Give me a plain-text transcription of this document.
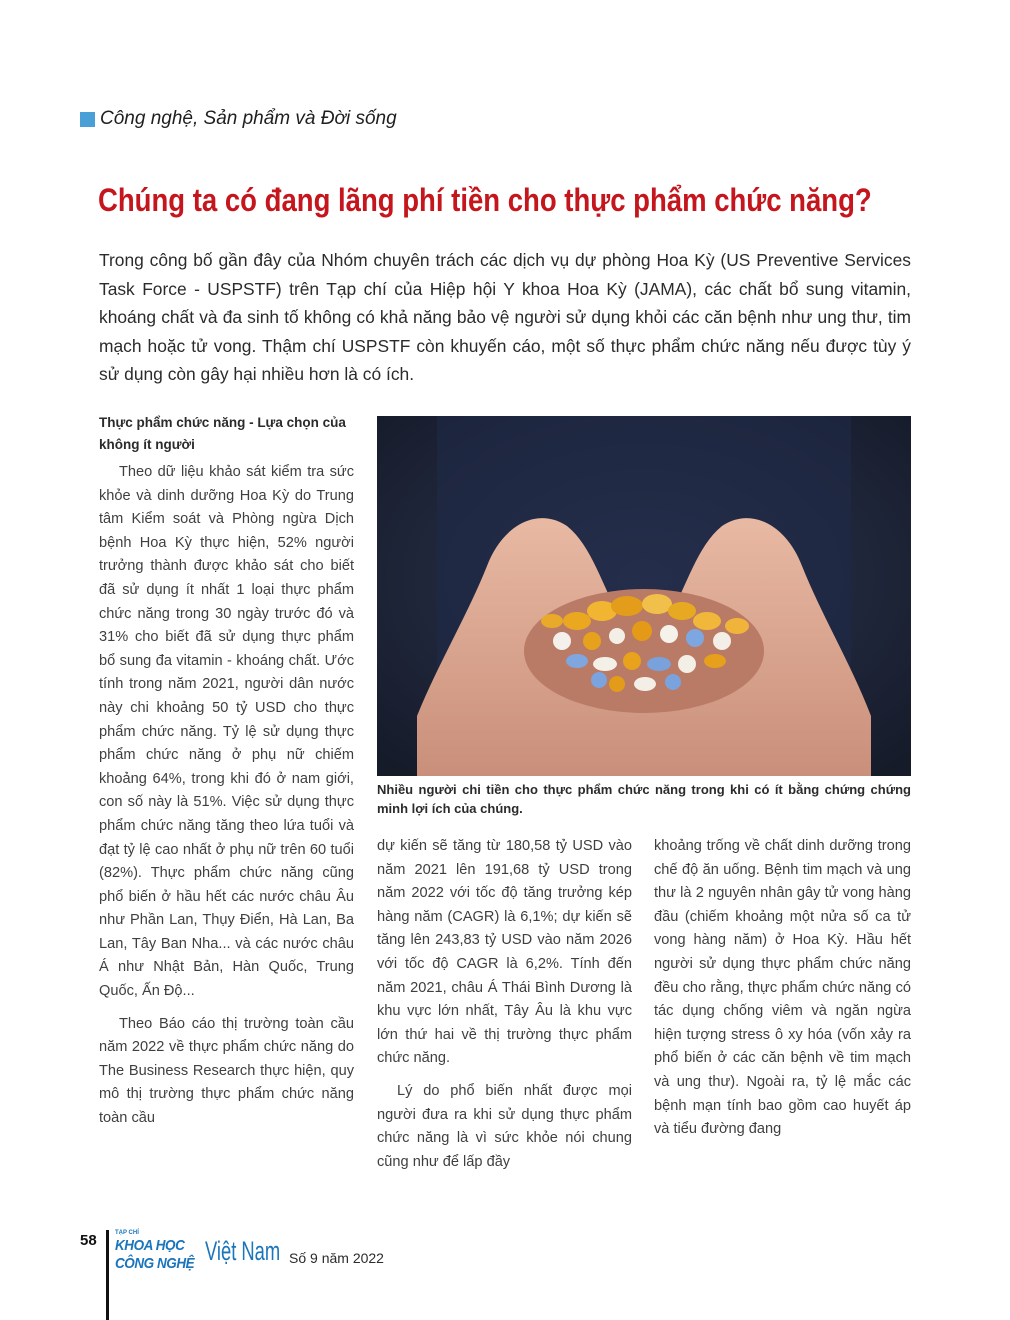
Công nghệ, Sản phẩm và Đời sống
Chúng ta có đang lãng phí tiền cho thực phẩm chức năng?

Trong công bố gần đây của Nhóm chuyên trách các dịch vụ dự phòng Hoa Kỳ (US Preventive Services Task Force - USPSTF) trên Tạp chí của Hiệp hội Y khoa Hoa Kỳ (JAMA), các chất bổ sung vitamin, khoáng chất và đa sinh tố không có khả năng bảo vệ người sử dụng khỏi các căn bệnh như ung thư, tim mạch hoặc tử vong. Thậm chí USPSTF còn khuyến cáo, một số thực phẩm chức năng nếu được tùy ý sử dụng còn gây hại nhiều hơn là có ích.

Thực phẩm chức năng - Lựa chọn của không ít người

Theo dữ liệu khảo sát kiểm tra sức khỏe và dinh dưỡng Hoa Kỳ do Trung tâm Kiểm soát và Phòng ngừa Dịch bệnh Hoa Kỳ thực hiện, 52% người trưởng thành được khảo sát cho biết đã sử dụng ít nhất 1 loại thực phẩm chức năng trong 30 ngày trước đó và 31% cho biết đã sử dụng thực phẩm bổ sung đa vitamin - khoáng chất. Ước tính trong năm 2021, người dân nước này chi khoảng 50 tỷ USD cho thực phẩm chức năng. Tỷ lệ sử dụng thực phẩm chức năng ở phụ nữ chiếm khoảng 64%, trong khi đó ở nam giới, con số này là 51%. Việc sử dụng thực phẩm chức năng tăng theo lứa tuổi và đạt tỷ lệ cao nhất ở phụ nữ trên 60 tuổi (82%). Thực phẩm chức năng cũng phổ biến ở hầu hết các nước châu Âu như Phần Lan, Thụy Điển, Hà Lan, Ba Lan, Tây Ban Nha... và các nước châu Á như Nhật Bản, Hàn Quốc, Trung Quốc, Ấn Độ...

Theo Báo cáo thị trường toàn cầu năm 2022 về thực phẩm chức năng do The Business Research thực hiện, quy mô thị trường thực phẩm chức năng toàn cầu

Nhiều người chi tiền cho thực phẩm chức năng trong khi có ít bằng chứng chứng minh lợi ích của chúng.

dự kiến sẽ tăng từ 180,58 tỷ USD vào năm 2021 lên 191,68 tỷ USD trong năm 2022 với tốc độ tăng trưởng kép hàng năm (CAGR) là 6,1%; dự kiến sẽ tăng lên 243,83 tỷ USD vào năm 2026 với tốc độ CAGR là 6,2%. Tính đến năm 2021, châu Á Thái Bình Dương là khu vực lớn nhất, Tây Âu là khu vực lớn thứ hai về thị trường thực phẩm chức năng.

Lý do phổ biến nhất được mọi người đưa ra khi sử dụng thực phẩm chức năng là vì sức khỏe nói chung cũng như để lấp đầy

khoảng trống về chất dinh dưỡng trong chế độ ăn uống. Bệnh tim mạch và ung thư là 2 nguyên nhân gây tử vong hàng đầu (chiếm khoảng một nửa số ca tử vong hàng năm) ở Hoa Kỳ. Hầu hết người sử dụng thực phẩm chức năng đều cho rằng, thực phẩm chức năng có tác dụng chống viêm và ngăn ngừa hiện tượng stress ô xy hóa (vốn xảy ra phổ biến ở các căn bệnh về tim mạch và ung thư). Ngoài ra, tỷ lệ mắc các bệnh mạn tính bao gồm cao huyết áp và tiểu đường đang

58	TẠP CHÍ
KHOA HỌC
CÔNG NGHỆ Việt Nam Số 9 năm 2022
